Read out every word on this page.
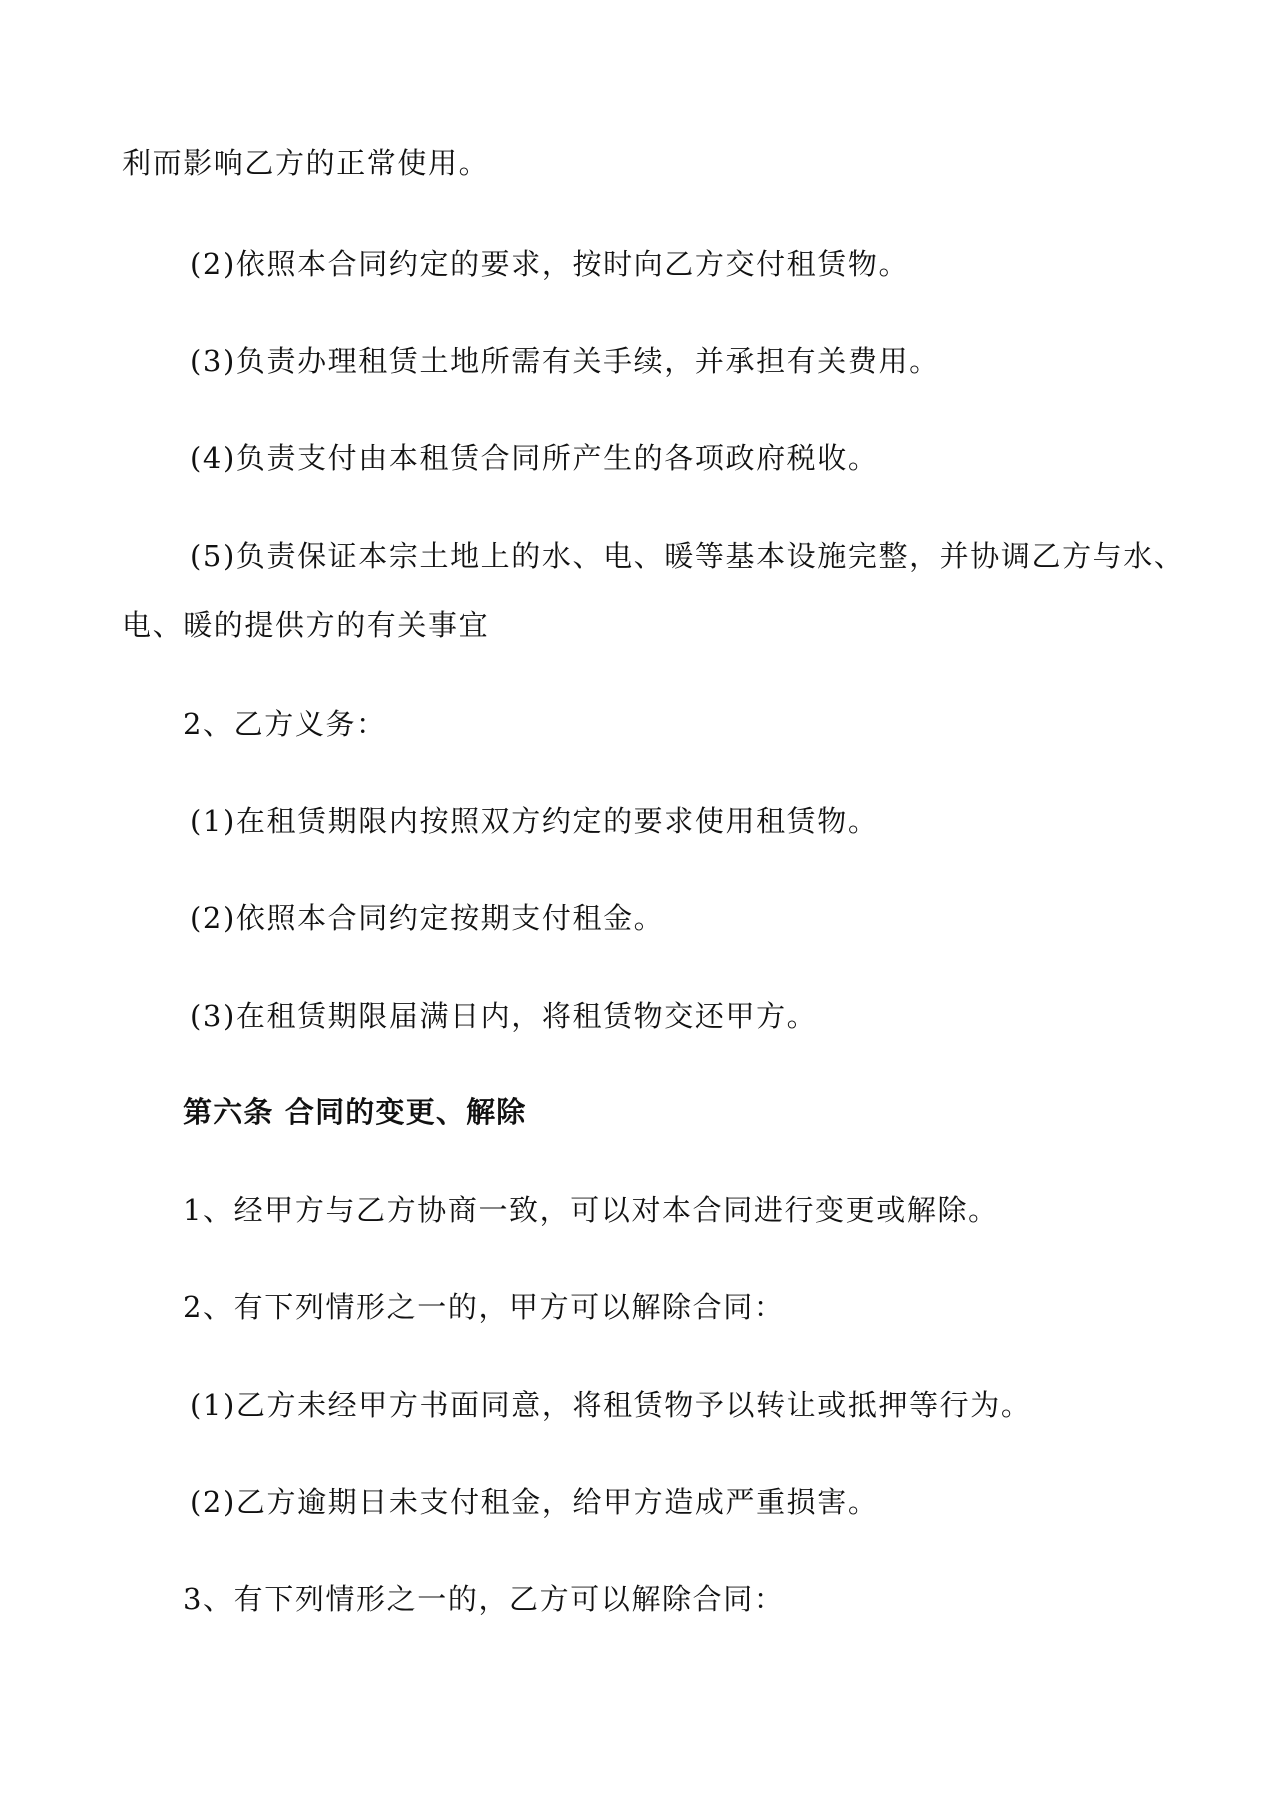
利而影响乙方的正常使用。
(2)依照本合同约定的要求，按时向乙方交付租赁物。
(3)负责办理租赁土地所需有关手续，并承担有关费用。
(4)负责支付由本租赁合同所产生的各项政府税收。
(5)负责保证本宗土地上的水、电、暖等基本设施完整，并协调乙方与水、
电、暖的提供方的有关事宜
2、乙方义务：
(1)在租赁期限内按照双方约定的要求使用租赁物。
(2)依照本合同约定按期支付租金。
(3)在租赁期限届满日内，将租赁物交还甲方。
第六条 合同的变更、解除
1、经甲方与乙方协商一致，可以对本合同进行变更或解除。
2、有下列情形之一的，甲方可以解除合同：
(1)乙方未经甲方书面同意，将租赁物予以转让或抵押等行为。
(2)乙方逾期日未支付租金，给甲方造成严重损害。
3、有下列情形之一的，乙方可以解除合同：
